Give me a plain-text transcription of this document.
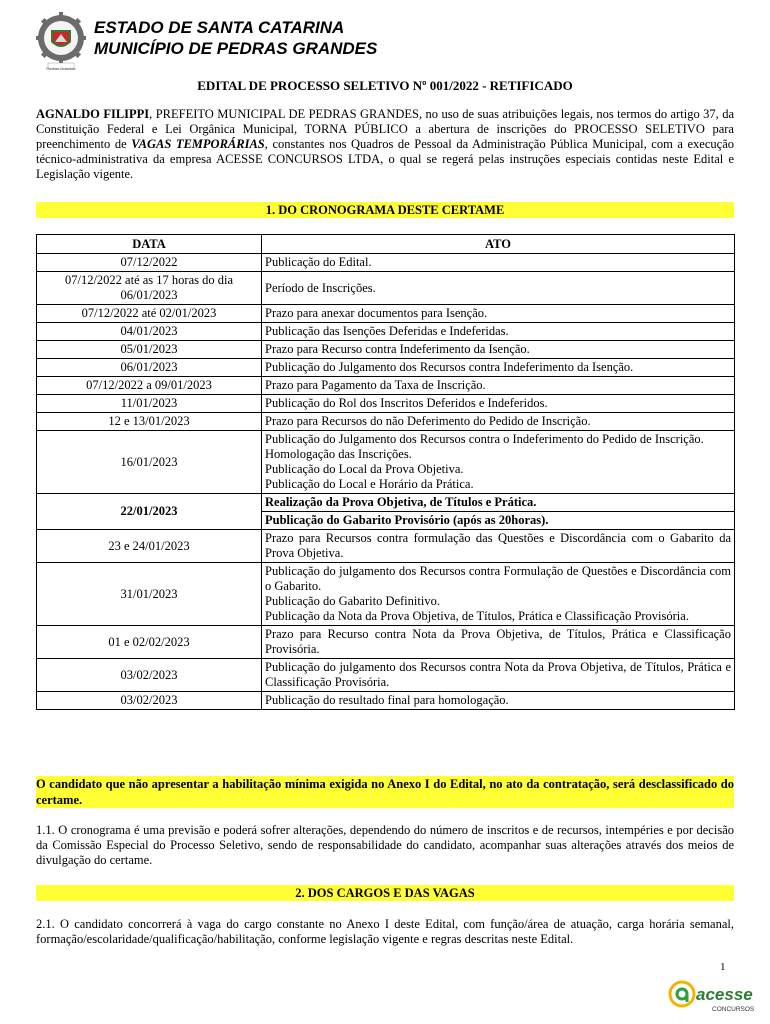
Pedras Grandes
ESTADO DE SANTA CATARINA
MUNICÍPIO DE PEDRAS GRANDES
EDITAL DE PROCESSO SELETIVO Nº 001/2022 - RETIFICADO

AGNALDO FILIPPI, PREFEITO MUNICIPAL DE PEDRAS GRANDES, no uso de suas atribuições legais, nos termos do artigo 37, da Constituição Federal e Lei Orgânica Municipal, TORNA PÚBLICO a abertura de inscrições do PROCESSO SELETIVO para preenchimento de VAGAS TEMPORÁRIAS, constantes nos Quadros de Pessoal da Administração Pública Municipal, com a execução técnico-administrativa da empresa ACESSE CONCURSOS LTDA, o qual se regerá pelas instruções especiais contidas neste Edital e Legislação vigente.

1. DO CRONOGRAMA DESTE CERTAME
DATA	ATO
07/12/2022	Publicação do Edital.
07/12/2022 até as 17 horas do dia 06/01/2023	Período de Inscrições.
07/12/2022 até 02/01/2023	Prazo para anexar documentos para Isenção.
04/01/2023	Publicação das Isenções Deferidas e Indeferidas.
05/01/2023	Prazo para Recurso contra Indeferimento da Isenção.
06/01/2023	Publicação do Julgamento dos Recursos contra Indeferimento da Isenção.
07/12/2022 a 09/01/2023	Prazo para Pagamento da Taxa de Inscrição.
11/01/2023	Publicação do Rol dos Inscritos Deferidos e Indeferidos.
12 e 13/01/2023	Prazo para Recursos do não Deferimento do Pedido de Inscrição.
16/01/2023	Publicação do Julgamento dos Recursos contra o Indeferimento do Pedido de Inscrição.
Homologação das Inscrições.
Publicação do Local da Prova Objetiva.
Publicação do Local e Horário da Prática.

22/01/2023	Realização da Prova Objetiva, de Títulos e Prática.
	Publicação do Gabarito Provisório (após as 20horas).
23 e 24/01/2023	Prazo para Recursos contra formulação das Questões e Discordância com o Gabarito da Prova Objetiva.
31/01/2023	Publicação do julgamento dos Recursos contra Formulação de Questões e Discordância com o Gabarito.
Publicação do Gabarito Definitivo.
Publicação da Nota da Prova Objetiva, de Títulos, Prática e Classificação Provisória.

01 e 02/02/2023	Prazo para Recurso contra Nota da Prova Objetiva, de Títulos, Prática e Classificação Provisória.
03/02/2023	Publicação do julgamento dos Recursos contra Nota da Prova Objetiva, de Títulos, Prática e Classificação Provisória.
03/02/2023	Publicação do resultado final para homologação.
O candidato que não apresentar a habilitação mínima exigida no Anexo I do Edital, no ato da contratação, será desclassificado do certame.

1.1. O cronograma é uma previsão e poderá sofrer alterações, dependendo do número de inscritos e de recursos, intempéries e por decisão da Comissão Especial do Processo Seletivo, sendo de responsabilidade do candidato, acompanhar suas alterações através dos meios de divulgação do certame.

2. DOS CARGOS E DAS VAGAS

2.1. O candidato concorrerá à vaga do cargo constante no Anexo I deste Edital, com função/área de atuação, carga horária semanal, formação/escolaridade/qualificação/habilitação, conforme legislação vigente e regras descritas neste Edital.

1
acesse
CONCURSOS
